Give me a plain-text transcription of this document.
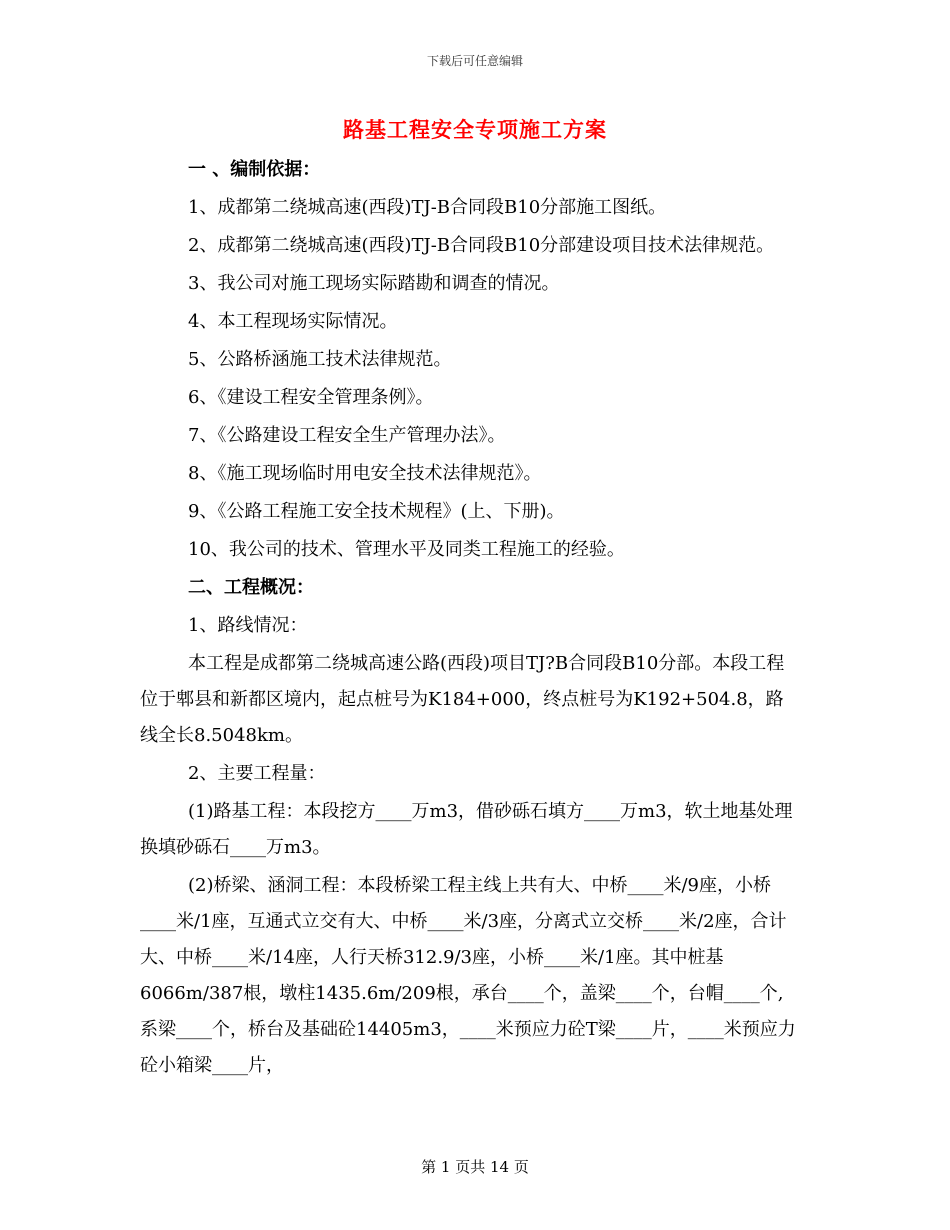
下载后可任意编辑
路基工程安全专项施工方案

一 、编制依据：

1、成都第二绕城高速(西段)TJ-B合同段B10分部施工图纸。

2、成都第二绕城高速(西段)TJ-B合同段B10分部建设项目技术法律规范。

3、我公司对施工现场实际踏勘和调查的情况。

4、本工程现场实际情况。

5、公路桥涵施工技术法律规范。

6、《建设工程安全管理条例》。

7、《公路建设工程安全生产管理办法》。

8、《施工现场临时用电安全技术法律规范》。

9、《公路工程施工安全技术规程》(上、下册)。

10、我公司的技术、管理水平及同类工程施工的经验。

二、工程概况：

1、路线情况：

本工程是成都第二绕城高速公路(西段)项目TJ?B合同段B10分部。本段工程位于郫县和新都区境内，起点桩号为K184+000，终点桩号为K192+504.8，路线全长8.5048km。

2、主要工程量：

(1)路基工程：本段挖方____万m3，借砂砾石填方____万m3，软土地基处理换填砂砾石____万m3。

(2)桥梁、涵洞工程：本段桥梁工程主线上共有大、中桥____米/9座，小桥____米/1座，互通式立交有大、中桥____米/3座，分离式立交桥____米/2座，合计大、中桥____米/14座，人行天桥312.9/3座，小桥____米/1座。其中桩基6066m/387根，墩柱1435.6m/209根，承台____个，盖梁____个，台帽____个,系梁____个，桥台及基础砼14405m3，____米预应力砼T梁____片，____米预应力砼小箱梁____片，

第 1 页共 14 页
